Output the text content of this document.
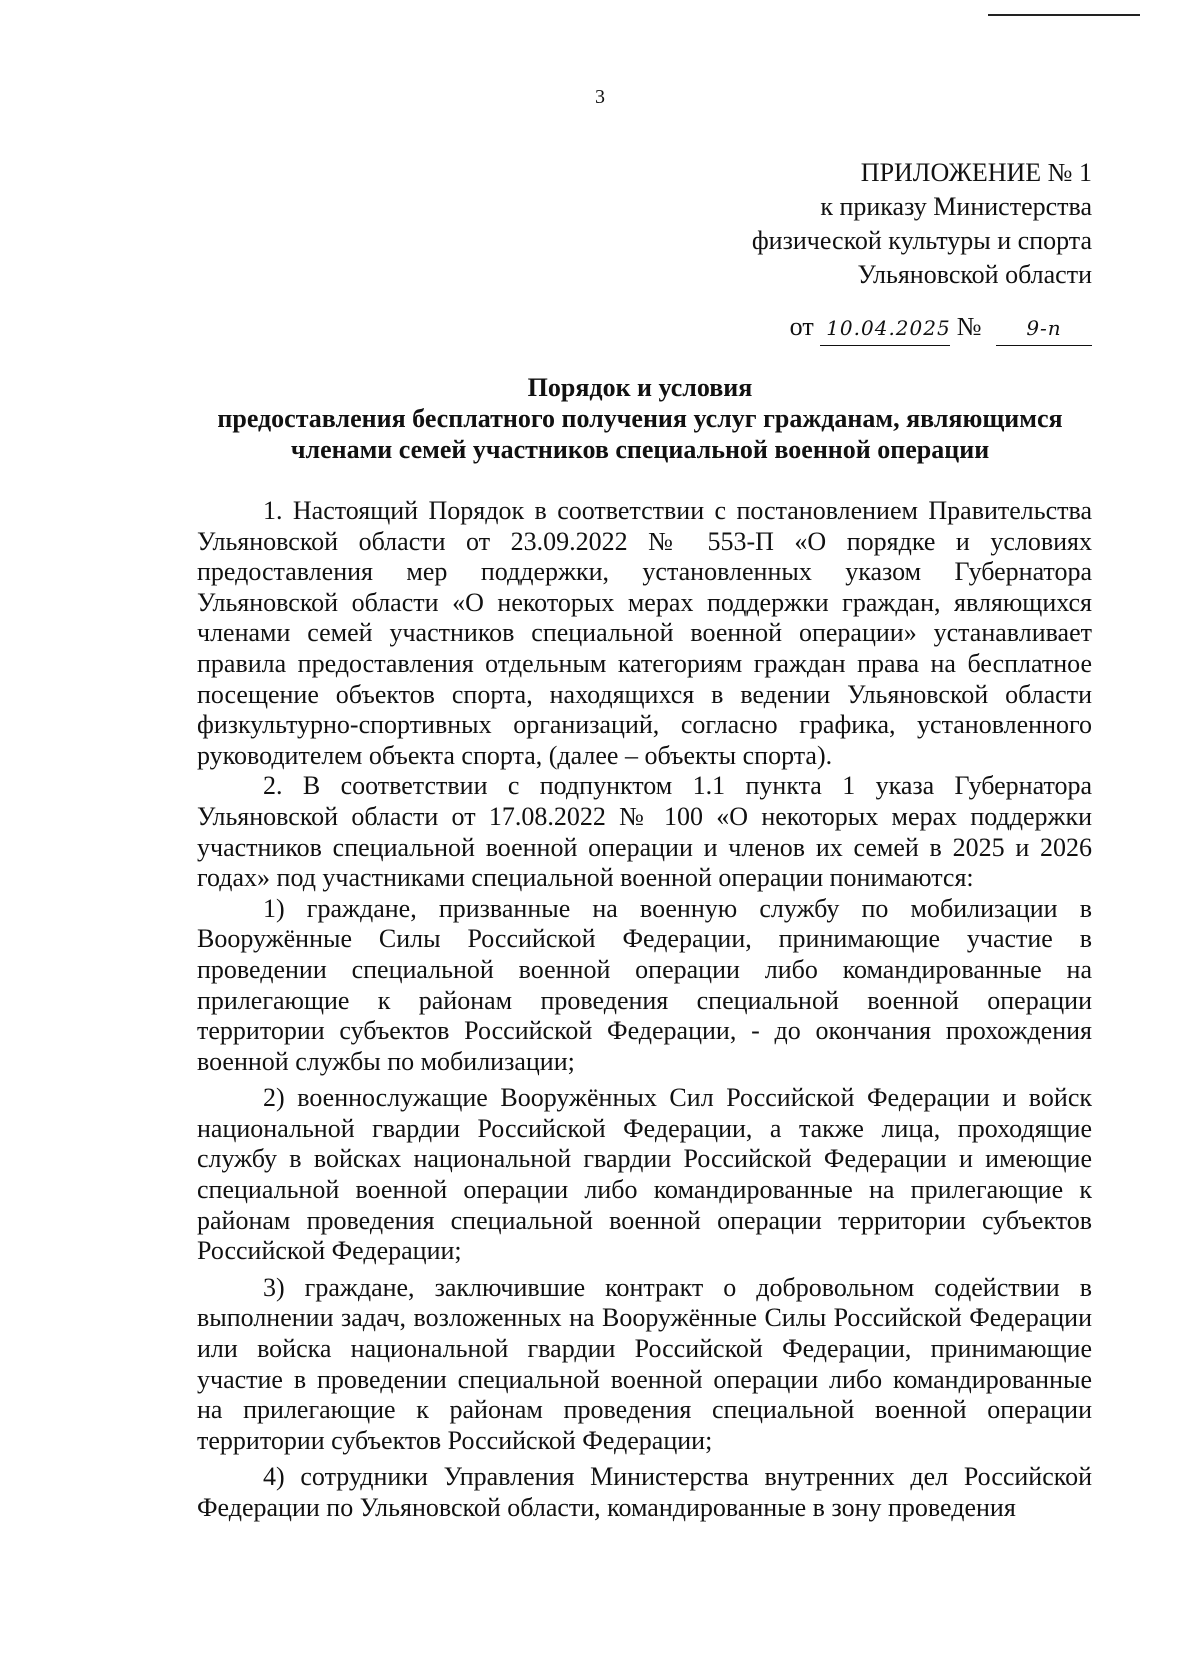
3
ПРИЛОЖЕНИЕ № 1
к приказу Министерства
физической культуры и спорта
Ульяновской области
от 10.04.2025 № 9-п
Порядок и условия
предоставления бесплатного получения услуг гражданам, являющимся
членами семей участников специальной военной операции

1. Настоящий Порядок в соответствии с постановлением Правительства Ульяновской области от 23.09.2022 № 553-П «О порядке и условиях предоставления мер поддержки, установленных указом Губернатора Ульяновской области «О некоторых мерах поддержки граждан, являющихся членами семей участников специальной военной операции» устанавливает правила предоставления отдельным категориям граждан права на бесплатное посещение объектов спорта, находящихся в ведении Ульяновской области физкультурно-спортивных организаций, согласно графика, установленного руководителем объекта спорта, (далее – объекты спорта).

2. В соответствии с подпунктом 1.1 пункта 1 указа Губернатора Ульяновской области от 17.08.2022 № 100 «О некоторых мерах поддержки участников специальной военной операции и членов их семей в 2025 и 2026 годах» под участниками специальной военной операции понимаются:

1) граждане, призванные на военную службу по мобилизации в Вооружённые Силы Российской Федерации, принимающие участие в проведении специальной военной операции либо командированные на прилегающие к районам проведения специальной военной операции территории субъектов Российской Федерации, - до окончания прохождения военной службы по мобилизации;

2) военнослужащие Вооружённых Сил Российской Федерации и войск национальной гвардии Российской Федерации, а также лица, проходящие службу в войсках национальной гвардии Российской Федерации и имеющие специальной военной операции либо командированные на прилегающие к районам проведения специальной военной операции территории субъектов Российской Федерации;

3) граждане, заключившие контракт о добровольном содействии в выполнении задач, возложенных на Вооружённые Силы Российской Федерации или войска национальной гвардии Российской Федерации, принимающие участие в проведении специальной военной операции либо командированные на прилегающие к районам проведения специальной военной операции территории субъектов Российской Федерации;

4) сотрудники Управления Министерства внутренних дел Российской Федерации по Ульяновской области, командированные в зону проведения
